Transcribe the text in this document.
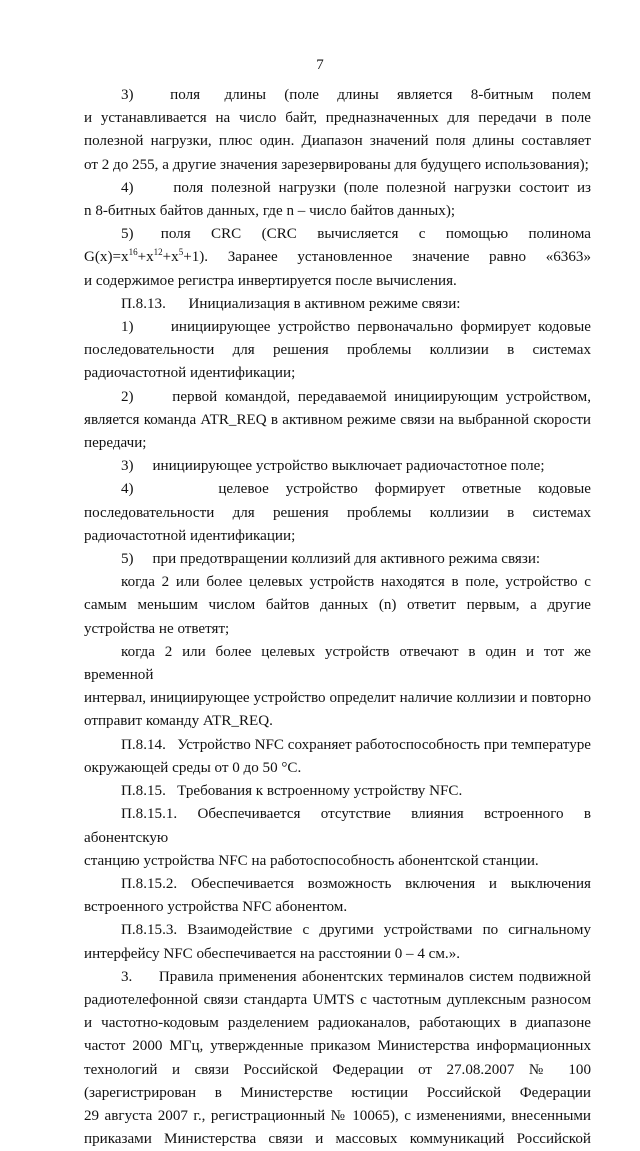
7

3)      поля    длины   (поле   длины   является   8-битным   полем

и устанавливается на число байт, предназначенных для передачи в поле

полезной нагрузки, плюс один. Диапазон значений поля длины составляет

от 2 до 255, а другие значения зарезервированы для будущего использования);

4)     поля полезной нагрузки (поле полезной нагрузки состоит из

n 8-битных байтов данных, где n – число байтов данных);

5)    поля   CRC   (CRC   вычисляется   с   помощью   полинома

$G(x)=x^{16}+x^{12}+x^5+1$).  Заранее  установленное  значение  равно  «6363»

и содержимое регистра инвертируется после вычисления.

П.8.13.      Инициализация в активном режиме связи:

1)     инициирующее устройство первоначально формирует кодовые

последовательности для решения проблемы коллизии в системах

радиочастотной идентификации;

2)     первой командой, передаваемой инициирующим устройством,

является команда ATR_REQ в активном режиме связи на выбранной скорости

передачи;

3)     инициирующее устройство выключает радиочастотное поле;

4)     целевое устройство формирует ответные кодовые

последовательности для решения проблемы коллизии в системах

радиочастотной идентификации;

5)     при предотвращении коллизий для активного режима связи:

когда 2 или более целевых устройств находятся в поле, устройство с

самым меньшим числом байтов данных (n) ответит первым, а другие

устройства не ответят;

когда 2 или более целевых устройств отвечают в один и тот же временной

интервал, инициирующее устройство определит наличие коллизии и повторно

отправит команду ATR_REQ.

П.8.14.   Устройство NFC сохраняет работоспособность при температуре

окружающей среды от 0 до 50 °С.

П.8.15.   Требования к встроенному устройству NFC.

П.8.15.1. Обеспечивается отсутствие влияния встроенного в абонентскую

станцию устройства NFC на работоспособность абонентской станции.

П.8.15.2. Обеспечивается возможность включения и выключения

встроенного устройства NFC абонентом.

П.8.15.3. Взаимодействие с другими устройствами по сигнальному

интерфейсу NFC обеспечивается на расстоянии 0 – 4 см.».

3.     Правила применения абонентских терминалов систем подвижной

радиотелефонной связи стандарта UMTS с частотным дуплексным разносом

и частотно-кодовым разделением радиоканалов, работающих в диапазоне

частот 2000 МГц, утвержденные приказом Министерства информационных

технологий и связи Российской Федерации от 27.08.2007 № 100

(зарегистрирован в Министерстве юстиции Российской Федерации

29 августа 2007 г., регистрационный № 10065), с изменениями, внесенными

приказами Министерства связи и массовых коммуникаций Российской
